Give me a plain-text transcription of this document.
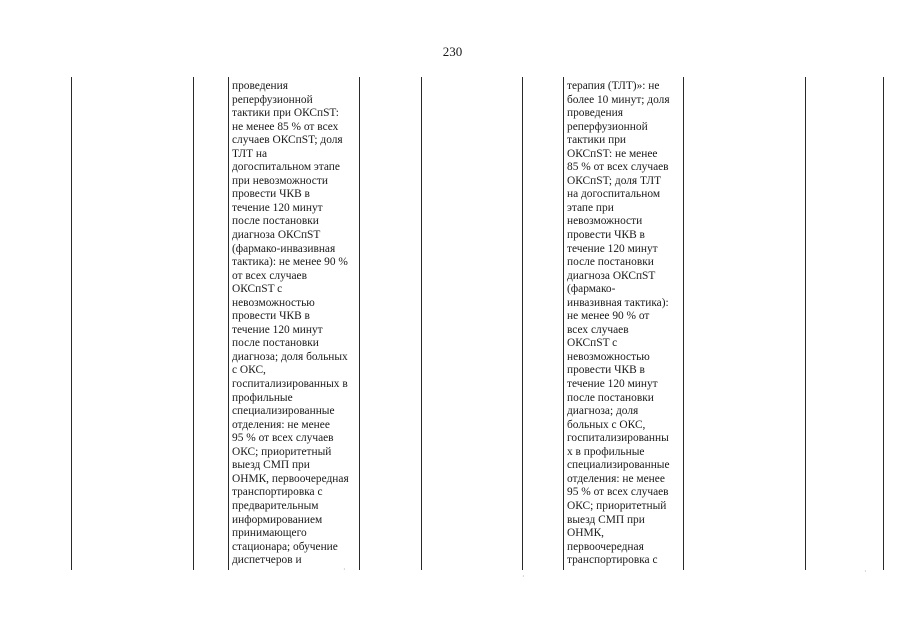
230
проведения
реперфузионной
тактики при ОКСпST:
не менее 85 % от всех
случаев ОКСпST; доля
ТЛТ на
догоспитальном этапе
при невозможности
провести ЧКВ в
течение 120 минут
после постановки
диагноза ОКСпST
(фармако-инвазивная
тактика): не менее 90 %
от всех случаев
ОКСпST с
невозможностью
провести ЧКВ в
течение 120 минут
после постановки
диагноза; доля больных
с ОКС,
госпитализированных в
профильные
специализированные
отделения: не менее
95 % от всех случаев
ОКС; приоритетный
выезд СМП при
ОНМК, первоочередная
транспортировка с
предварительным
информированием
принимающего
стационара; обучение
диспетчеров и
терапия (ТЛТ)»: не
более 10 минут; доля
проведения
реперфузионной
тактики при
ОКСпST: не менее
85 % от всех случаев
ОКСпST; доля ТЛТ
на догоспитальном
этапе при
невозможности
провести ЧКВ в
течение 120 минут
после постановки
диагноза ОКСпST
(фармако-
инвазивная тактика):
не менее 90 % от
всех случаев
ОКСпST с
невозможностью
провести ЧКВ в
течение 120 минут
после постановки
диагноза; доля
больных с ОКС,
госпитализированны
х в профильные
специализированные
отделения: не менее
95 % от всех случаев
ОКС; приоритетный
выезд СМП при
ОНМК,
первоочередная
транспортировка с
·
·
·
